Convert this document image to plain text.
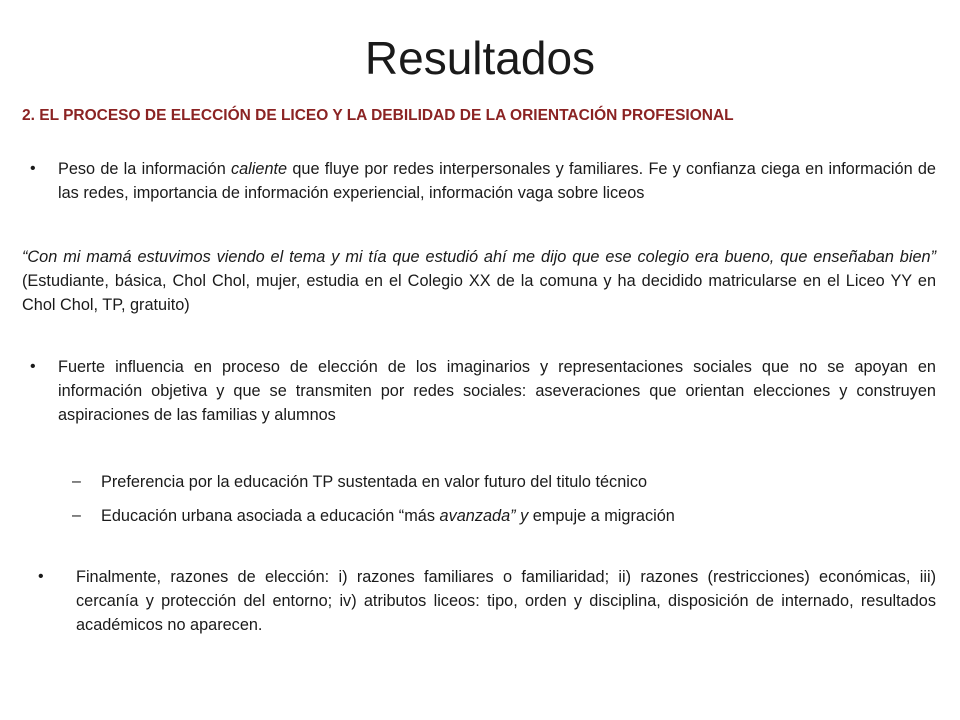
Resultados
2. EL PROCESO DE ELECCIÓN DE LICEO Y LA DEBILIDAD DE LA ORIENTACIÓN PROFESIONAL
• Peso de la información caliente que fluye por redes interpersonales y familiares. Fe y confianza ciega en información de las redes, importancia de información experiencial, información vaga sobre liceos
“Con mi mamá estuvimos viendo el tema y mi tía que estudió ahí me dijo que ese colegio era bueno, que enseñaban bien” (Estudiante, básica, Chol Chol, mujer, estudia en el Colegio XX de la comuna y ha decidido matricularse en el Liceo YY en Chol Chol, TP, gratuito)
• Fuerte influencia en proceso de elección de los imaginarios y representaciones sociales que no se apoyan en información objetiva y que se transmiten por redes sociales: aseveraciones que orientan elecciones y construyen aspiraciones de las familias y alumnos
– Preferencia por la educación TP sustentada en valor futuro del titulo técnico
– Educación urbana asociada a educación “más avanzada” y empuje a migración
• Finalmente, razones de elección: i) razones familiares o familiaridad; ii) razones (restricciones) económicas, iii) cercanía y protección del entorno; iv) atributos liceos: tipo, orden y disciplina, disposición de internado, resultados académicos no aparecen.
